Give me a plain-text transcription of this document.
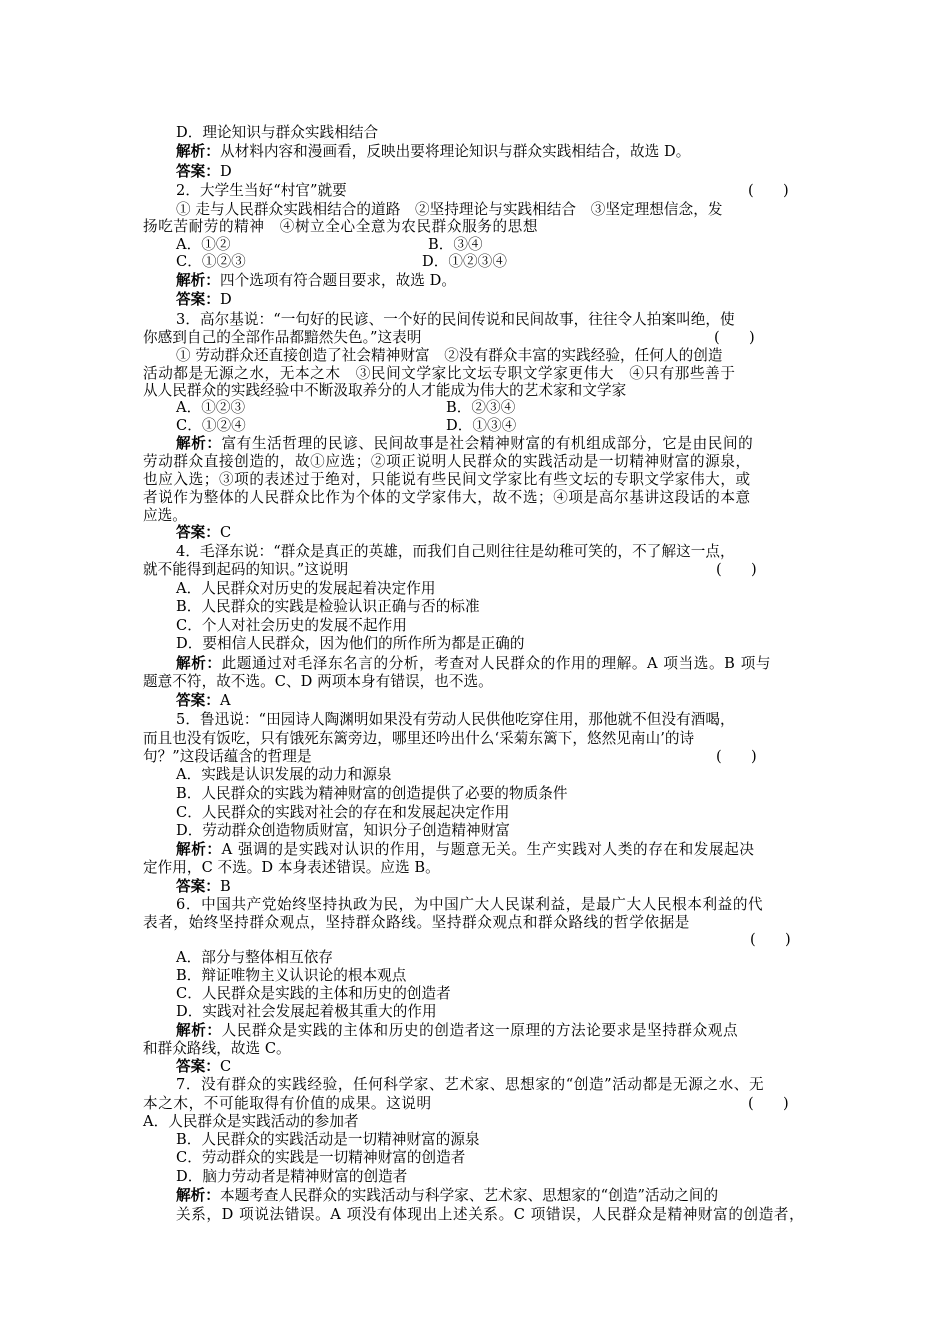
D．理论知识与群众实践相结合
解析：从材料内容和漫画看，反映出要将理论知识与群众实践相结合，故选 D。
答案：D
2．大学生当好“村官”就要	(　　)
① 走与人民群众实践相结合的道路　②坚持理论与实践相结合　③坚定理想信念，发
扬吃苦耐劳的精神　④树立全心全意为农民群众服务的思想
A．①②	B．③④
C．①②③	D．①②③④
解析：四个选项有符合题目要求，故选 D。
答案：D
3．高尔基说：“一句好的民谚、一个好的民间传说和民间故事，往往令人拍案叫绝，使
你感到自己的全部作品都黯然失色。”这表明	(　　)
① 劳动群众还直接创造了社会精神财富　②没有群众丰富的实践经验，任何人的创造
活动都是无源之水，无本之木　③民间文学家比文坛专职文学家更伟大　④只有那些善于
从人民群众的实践经验中不断汲取养分的人才能成为伟大的艺术家和文学家
A．①②③	B．②③④
C．①②④	D．①③④
解析：富有生活哲理的民谚、民间故事是社会精神财富的有机组成部分，它是由民间的
劳动群众直接创造的，故①应选；②项正说明人民群众的实践活动是一切精神财富的源泉，
也应入选；③项的表述过于绝对，只能说有些民间文学家比有些文坛的专职文学家伟大，或
者说作为整体的人民群众比作为个体的文学家伟大，故不选；④项是高尔基讲这段话的本意
应选。
答案：C
4．毛泽东说：“群众是真正的英雄，而我们自己则往往是幼稚可笑的，不了解这一点，
就不能得到起码的知识。”这说明	(　　)
A．人民群众对历史的发展起着决定作用
B．人民群众的实践是检验认识正确与否的标准
C．个人对社会历史的发展不起作用
D．要相信人民群众，因为他们的所作所为都是正确的
解析：此题通过对毛泽东名言的分析，考查对人民群众的作用的理解。A 项当选。B 项与
题意不符，故不选。C、D 两项本身有错误，也不选。
答案：A
5．鲁迅说：“田园诗人陶渊明如果没有劳动人民供他吃穿住用，那他就不但没有酒喝，
而且也没有饭吃，只有饿死东篱旁边，哪里还吟出什么‘采菊东篱下，悠然见南山’的诗
句？”这段话蕴含的哲理是	(　　)
A．实践是认识发展的动力和源泉
B．人民群众的实践为精神财富的创造提供了必要的物质条件
C．人民群众的实践对社会的存在和发展起决定作用
D．劳动群众创造物质财富，知识分子创造精神财富
解析：A 强调的是实践对认识的作用，与题意无关。生产实践对人类的存在和发展起决
定作用，C 不选。D 本身表述错误。应选 B。
答案：B
6．中国共产党始终坚持执政为民，为中国广大人民谋利益，是最广大人民根本利益的代
表者，始终坚持群众观点，坚持群众路线。坚持群众观点和群众路线的哲学依据是
(　　)
A．部分与整体相互依存
B．辩证唯物主义认识论的根本观点
C．人民群众是实践的主体和历史的创造者
D．实践对社会发展起着极其重大的作用
解析：人民群众是实践的主体和历史的创造者这一原理的方法论要求是坚持群众观点
和群众路线，故选 C。
答案：C
7．没有群众的实践经验，任何科学家、艺术家、思想家的“创造”活动都是无源之水、无
本之木，不可能取得有价值的成果。这说明	(　　)
A．人民群众是实践活动的参加者
B．人民群众的实践活动是一切精神财富的源泉
C．劳动群众的实践是一切精神财富的创造者
D．脑力劳动者是精神财富的创造者
解析：本题考查人民群众的实践活动与科学家、艺术家、思想家的“创造”活动之间的
关系，D 项说法错误。A 项没有体现出上述关系。C 项错误，人民群众是精神财富的创造者，
